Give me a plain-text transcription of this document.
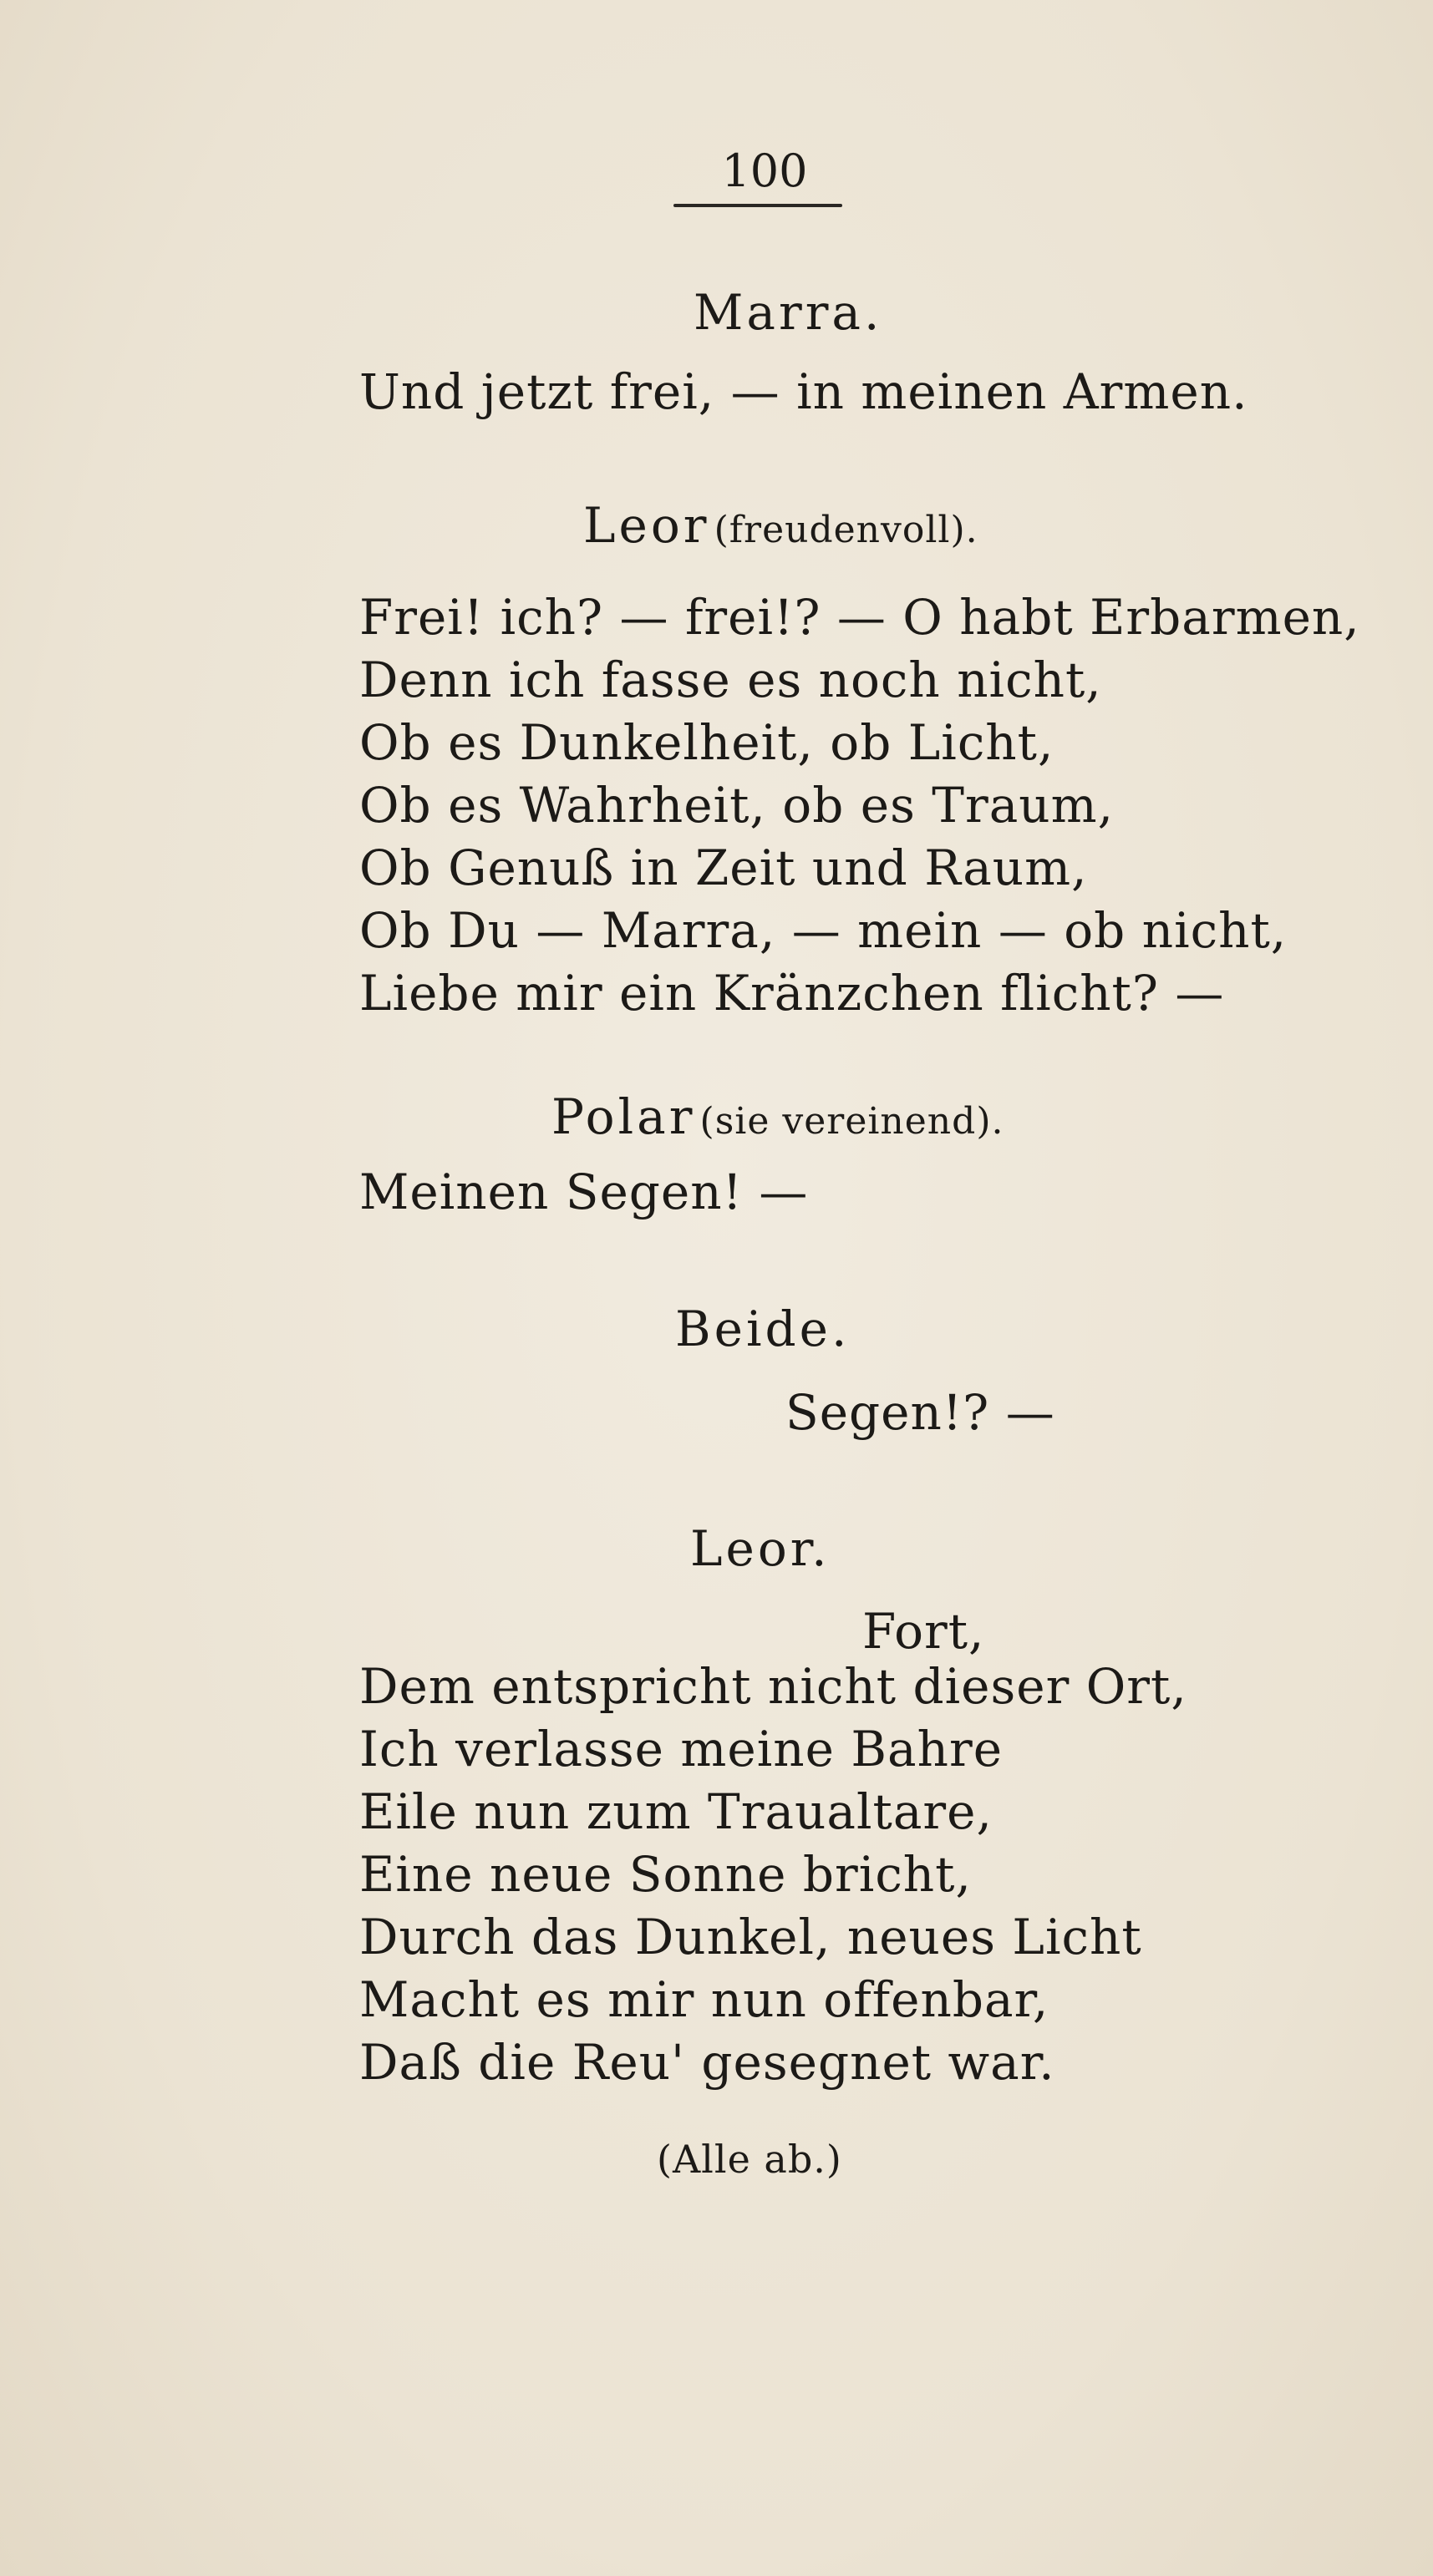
100
Marra.
Und jetzt frei, — in meinen Armen.
Leor (freudenvoll).
Frei! ich? — frei!? — O habt Erbarmen,
Denn ich fasse es noch nicht,
Ob es Dunkelheit, ob Licht,
Ob es Wahrheit, ob es Traum,
Ob Genuß in Zeit und Raum,
Ob Du — Marra, — mein — ob nicht,
Liebe mir ein Kränzchen flicht? —
Polar (sie vereinend).
Meinen Segen! —
Beide.
Segen!? —
Leor.
Fort,
Dem entspricht nicht dieser Ort,
Ich verlasse meine Bahre
Eile nun zum Traualtare,
Eine neue Sonne bricht,
Durch das Dunkel, neues Licht
Macht es mir nun offenbar,
Daß die Reu' gesegnet war.
(Alle ab.)
